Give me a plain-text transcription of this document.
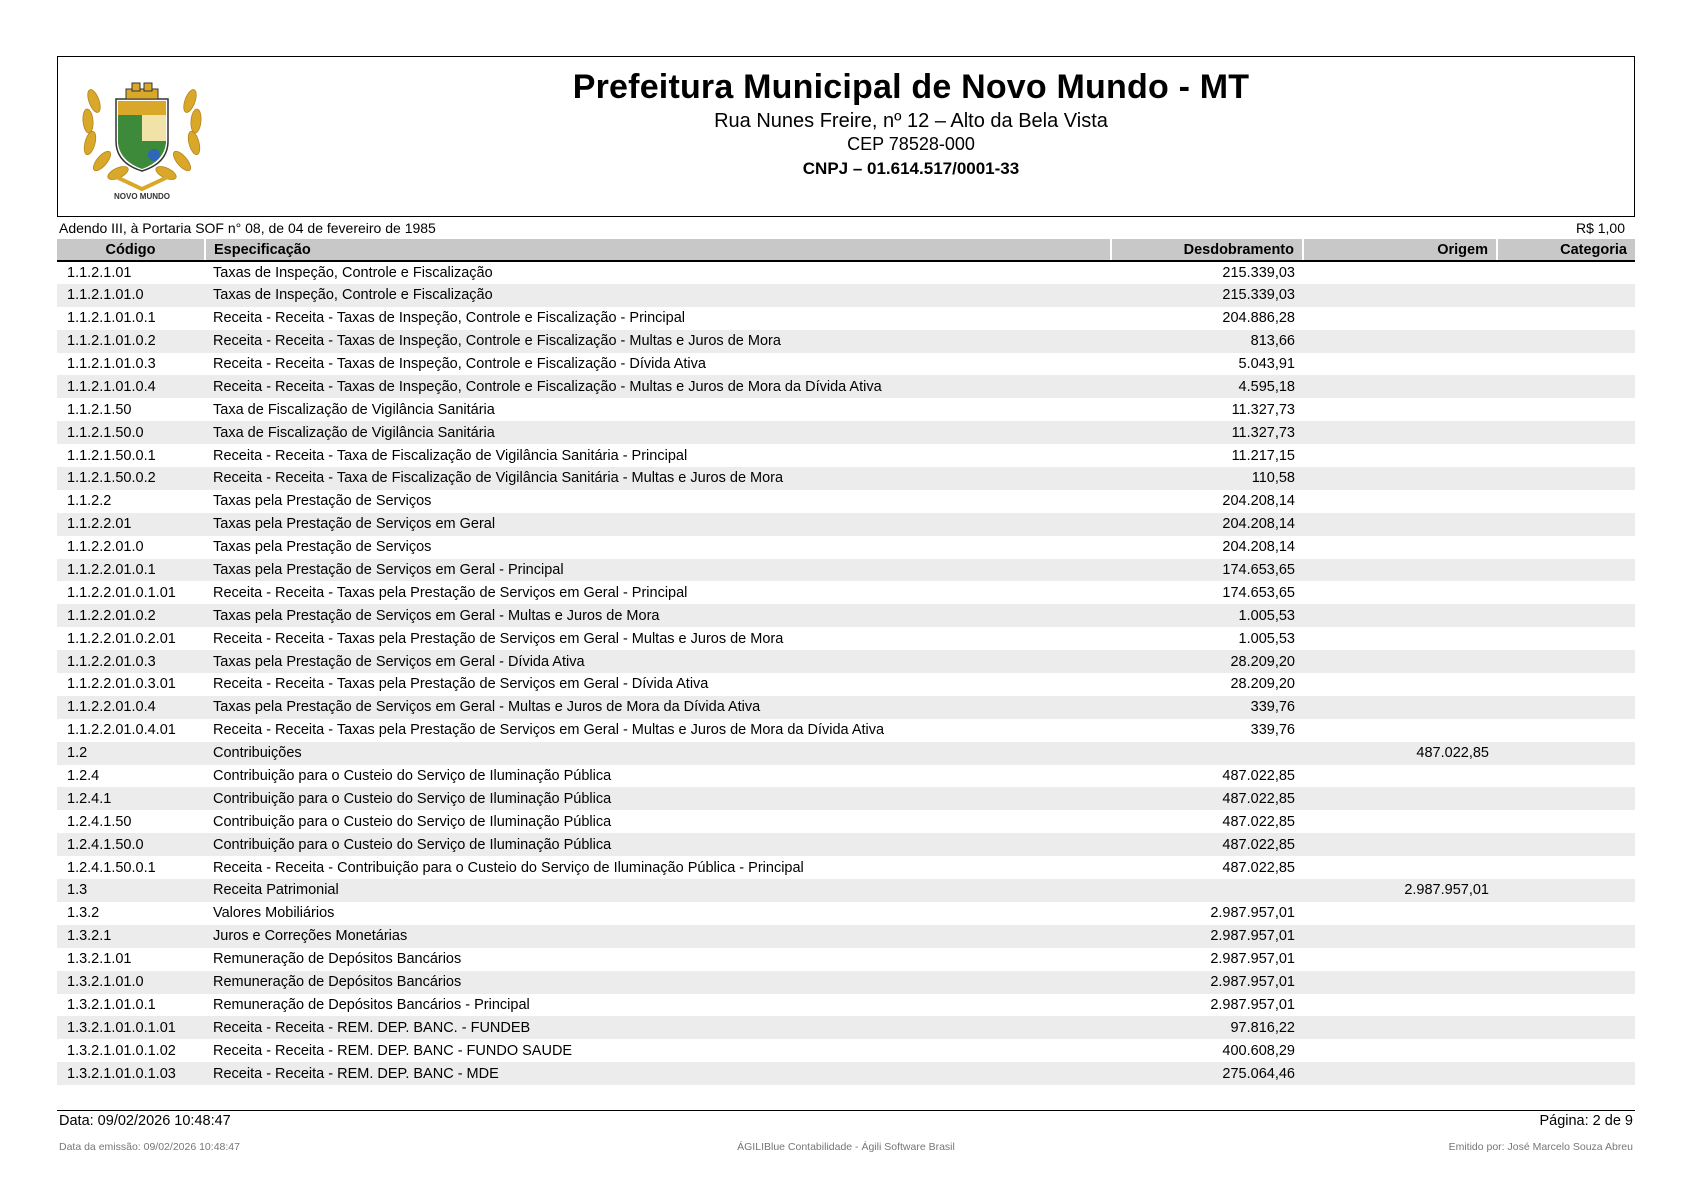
NOVO MUNDO
Prefeitura Municipal de Novo Mundo - MT
Rua Nunes Freire, nº 12 – Alto da Bela Vista
CEP 78528-000
CNPJ – 01.614.517/0001-33
Adendo III, à Portaria SOF n° 08, de 04 de fevereiro de 1985	R$ 1,00
Código	Especificação	Desdobramento	Origem	Categoria
1.1.2.1.01	Taxas de Inspeção, Controle e Fiscalização	215.339,03		
1.1.2.1.01.0	Taxas de Inspeção, Controle e Fiscalização	215.339,03		
1.1.2.1.01.0.1	Receita - Receita - Taxas de Inspeção, Controle e Fiscalização - Principal	204.886,28		
1.1.2.1.01.0.2	Receita - Receita - Taxas de Inspeção, Controle e Fiscalização - Multas e Juros de Mora	813,66		
1.1.2.1.01.0.3	Receita - Receita - Taxas de Inspeção, Controle e Fiscalização - Dívida Ativa	5.043,91		
1.1.2.1.01.0.4	Receita - Receita - Taxas de Inspeção, Controle e Fiscalização - Multas e Juros de Mora da Dívida Ativa	4.595,18		
1.1.2.1.50	Taxa de Fiscalização de Vigilância Sanitária	11.327,73		
1.1.2.1.50.0	Taxa de Fiscalização de Vigilância Sanitária	11.327,73		
1.1.2.1.50.0.1	Receita - Receita - Taxa de Fiscalização de Vigilância Sanitária - Principal	11.217,15		
1.1.2.1.50.0.2	Receita - Receita - Taxa de Fiscalização de Vigilância Sanitária - Multas e Juros de Mora	110,58		
1.1.2.2	Taxas pela Prestação de Serviços	204.208,14		
1.1.2.2.01	Taxas pela Prestação de Serviços em Geral	204.208,14		
1.1.2.2.01.0	Taxas pela Prestação de Serviços	204.208,14		
1.1.2.2.01.0.1	Taxas pela Prestação de Serviços em Geral - Principal	174.653,65		
1.1.2.2.01.0.1.01	Receita - Receita - Taxas pela Prestação de Serviços em Geral - Principal	174.653,65		
1.1.2.2.01.0.2	Taxas pela Prestação de Serviços em Geral - Multas e Juros de Mora	1.005,53		
1.1.2.2.01.0.2.01	Receita - Receita - Taxas pela Prestação de Serviços em Geral - Multas e Juros de Mora	1.005,53		
1.1.2.2.01.0.3	Taxas pela Prestação de Serviços em Geral - Dívida Ativa	28.209,20		
1.1.2.2.01.0.3.01	Receita - Receita - Taxas pela Prestação de Serviços em Geral - Dívida Ativa	28.209,20		
1.1.2.2.01.0.4	Taxas pela Prestação de Serviços em Geral - Multas e Juros de Mora da Dívida Ativa	339,76		
1.1.2.2.01.0.4.01	Receita - Receita - Taxas pela Prestação de Serviços em Geral - Multas e Juros de Mora da Dívida Ativa	339,76		
1.2	Contribuições		487.022,85	
1.2.4	Contribuição para o Custeio do Serviço de Iluminação Pública	487.022,85		
1.2.4.1	Contribuição para o Custeio do Serviço de Iluminação Pública	487.022,85		
1.2.4.1.50	Contribuição para o Custeio do Serviço de Iluminação Pública	487.022,85		
1.2.4.1.50.0	Contribuição para o Custeio do Serviço de Iluminação Pública	487.022,85		
1.2.4.1.50.0.1	Receita - Receita - Contribuição para o Custeio do Serviço de Iluminação Pública - Principal	487.022,85		
1.3	Receita Patrimonial		2.987.957,01	
1.3.2	Valores Mobiliários	2.987.957,01		
1.3.2.1	Juros e Correções Monetárias	2.987.957,01		
1.3.2.1.01	Remuneração de Depósitos Bancários	2.987.957,01		
1.3.2.1.01.0	Remuneração de Depósitos Bancários	2.987.957,01		
1.3.2.1.01.0.1	Remuneração de Depósitos Bancários - Principal	2.987.957,01		
1.3.2.1.01.0.1.01	Receita - Receita - REM. DEP. BANC. - FUNDEB	97.816,22		
1.3.2.1.01.0.1.02	Receita - Receita - REM. DEP. BANC - FUNDO SAUDE	400.608,29		
1.3.2.1.01.0.1.03	Receita - Receita - REM. DEP. BANC - MDE	275.064,46		
Data: 09/02/2026 10:48:47	Página: 2 de 9
Data da emissão: 09/02/2026 10:48:47	ÁGILIBlue Contabilidade - Ágili Software Brasil	Emitido por: José Marcelo Souza Abreu
